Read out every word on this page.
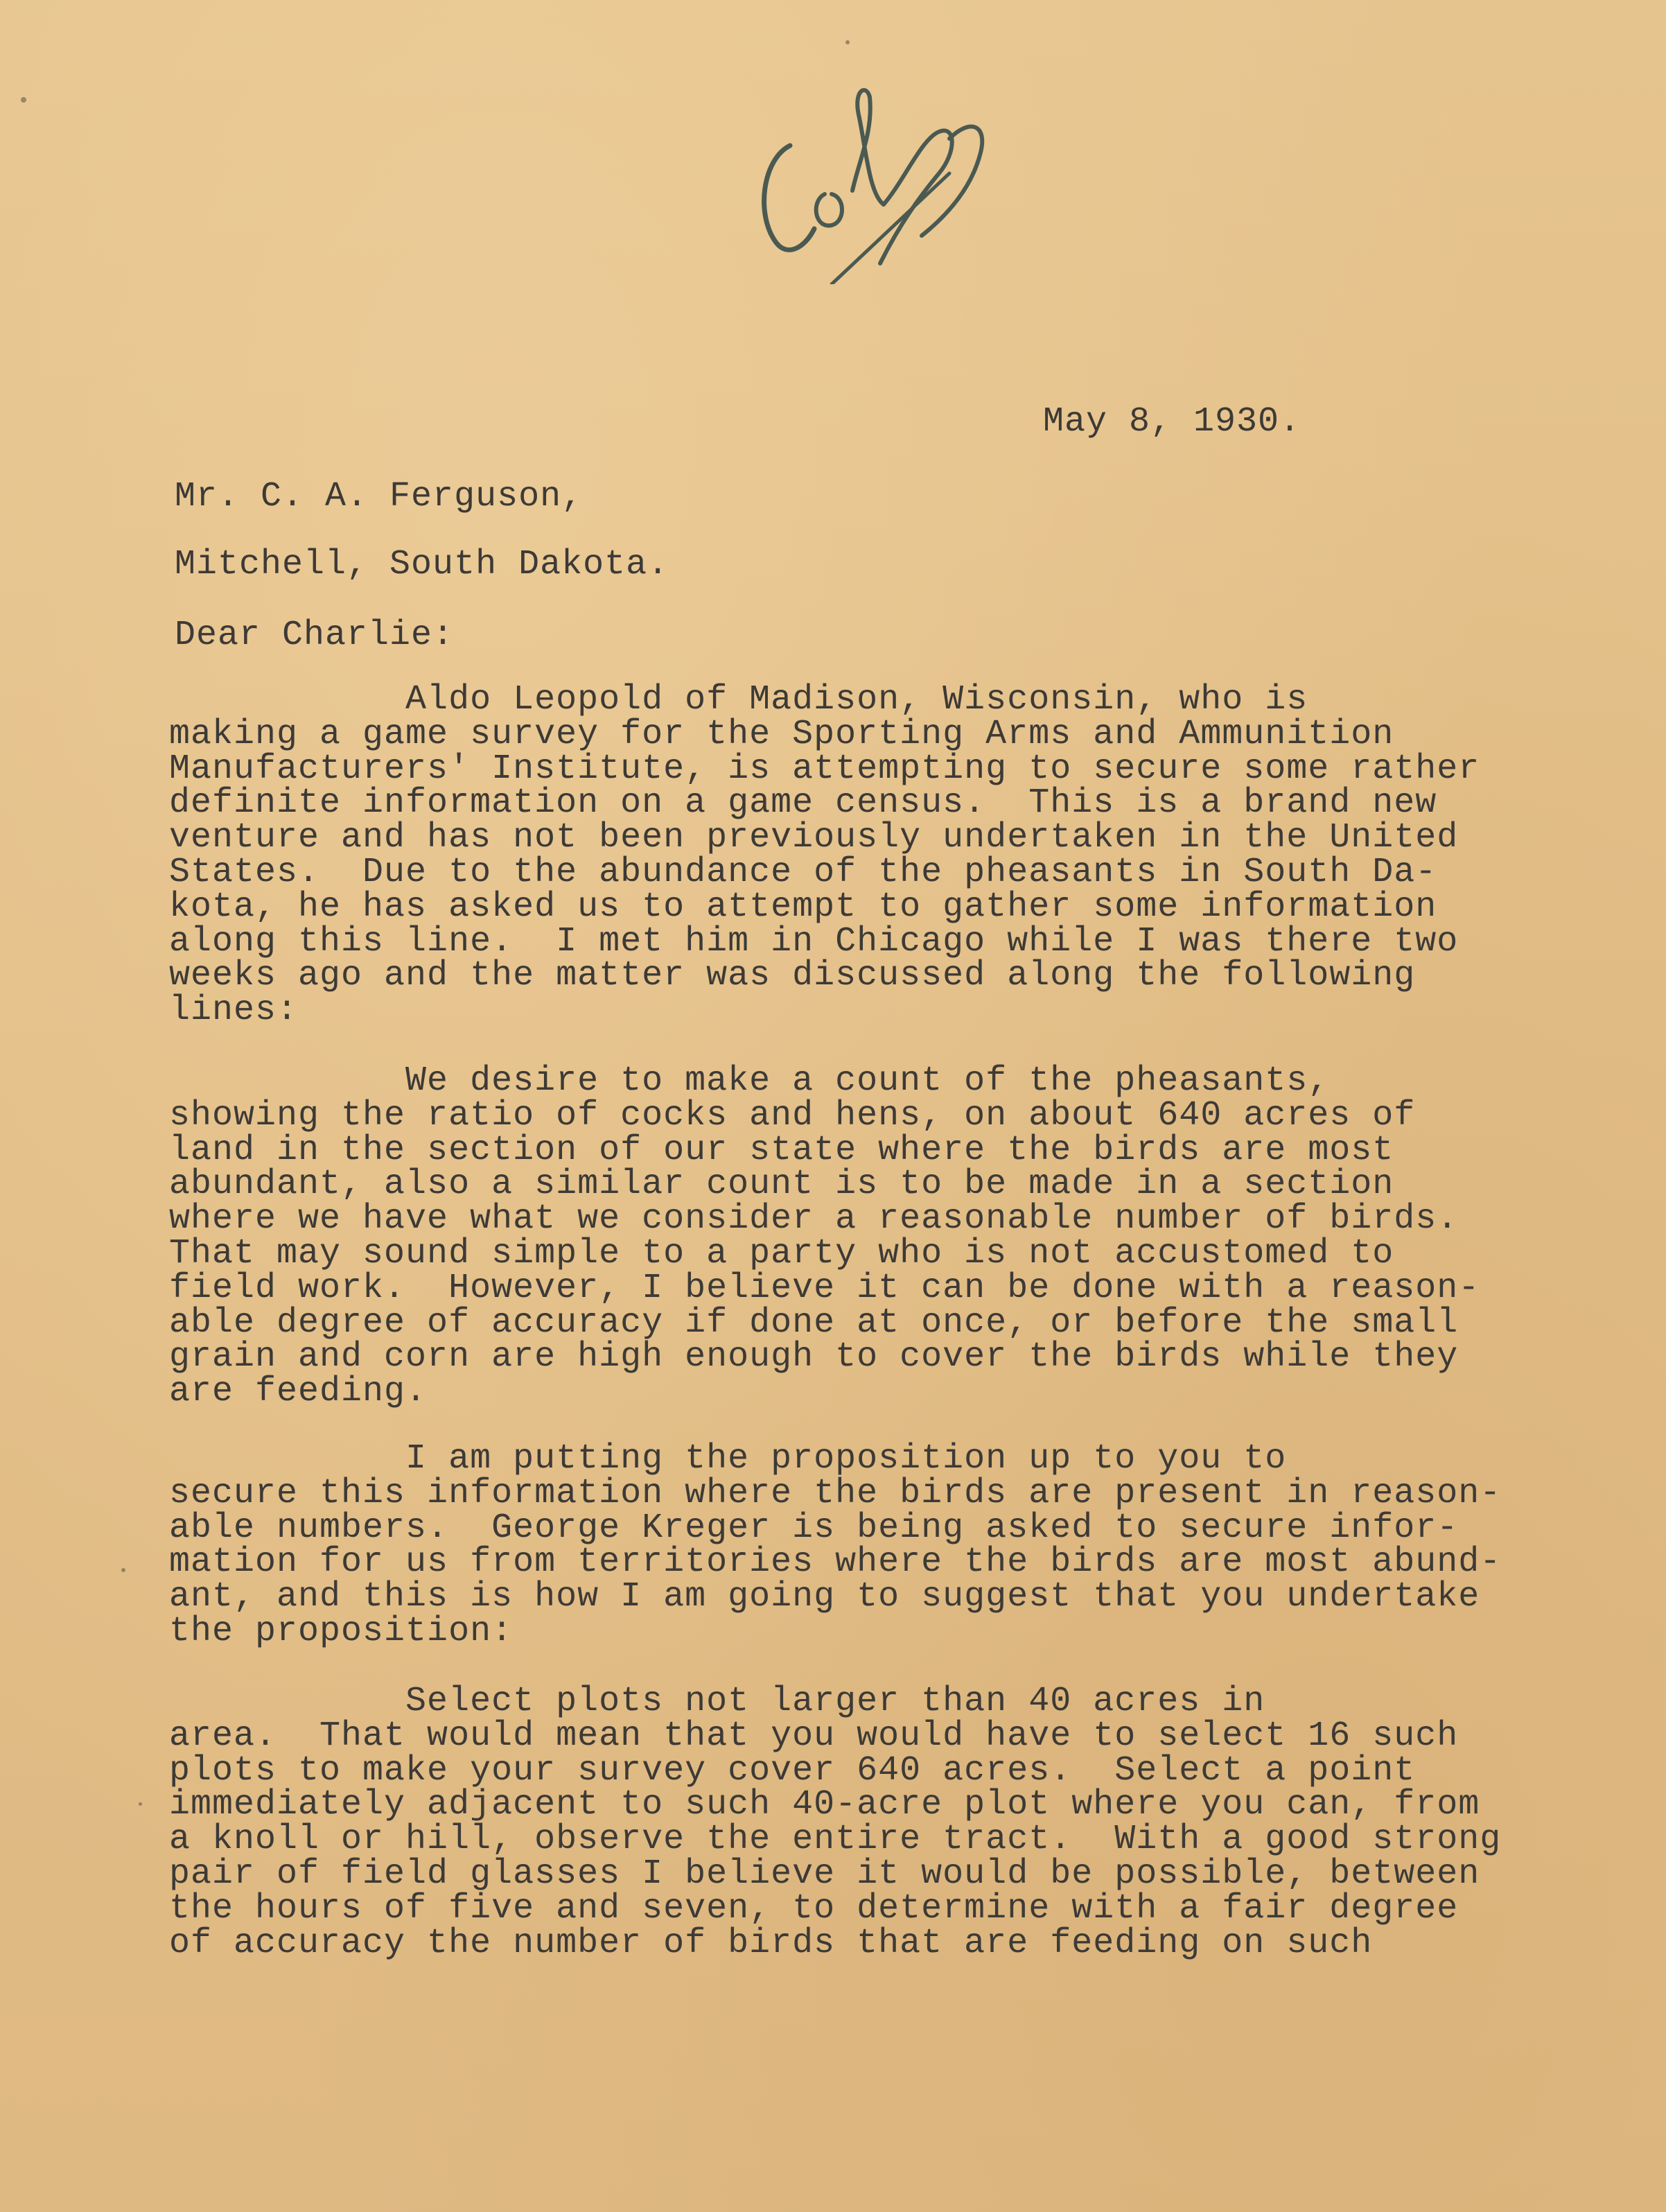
May 8, 1930.
Mr. C. A. Ferguson,
Mitchell, South Dakota.
Dear Charlie:
Aldo Leopold of Madison, Wisconsin, who is
making a game survey for the Sporting Arms and Ammunition
Manufacturers' Institute, is attempting to secure some rather
definite information on a game census.  This is a brand new
venture and has not been previously undertaken in the United
States.  Due to the abundance of the pheasants in South Da-
kota, he has asked us to attempt to gather some information
along this line.  I met him in Chicago while I was there two
weeks ago and the matter was discussed along the following
lines:
We desire to make a count of the pheasants,
showing the ratio of cocks and hens, on about 640 acres of
land in the section of our state where the birds are most
abundant, also a similar count is to be made in a section
where we have what we consider a reasonable number of birds.
That may sound simple to a party who is not accustomed to
field work.  However, I believe it can be done with a reason-
able degree of accuracy if done at once, or before the small
grain and corn are high enough to cover the birds while they
are feeding.
I am putting the proposition up to you to
secure this information where the birds are present in reason-
able numbers.  George Kreger is being asked to secure infor-
mation for us from territories where the birds are most abund-
ant, and this is how I am going to suggest that you undertake
the proposition:
Select plots not larger than 40 acres in
area.  That would mean that you would have to select 16 such
plots to make your survey cover 640 acres.  Select a point
immediately adjacent to such 40-acre plot where you can, from
a knoll or hill, observe the entire tract.  With a good strong
pair of field glasses I believe it would be possible, between
the hours of five and seven, to determine with a fair degree
of accuracy the number of birds that are feeding on such
